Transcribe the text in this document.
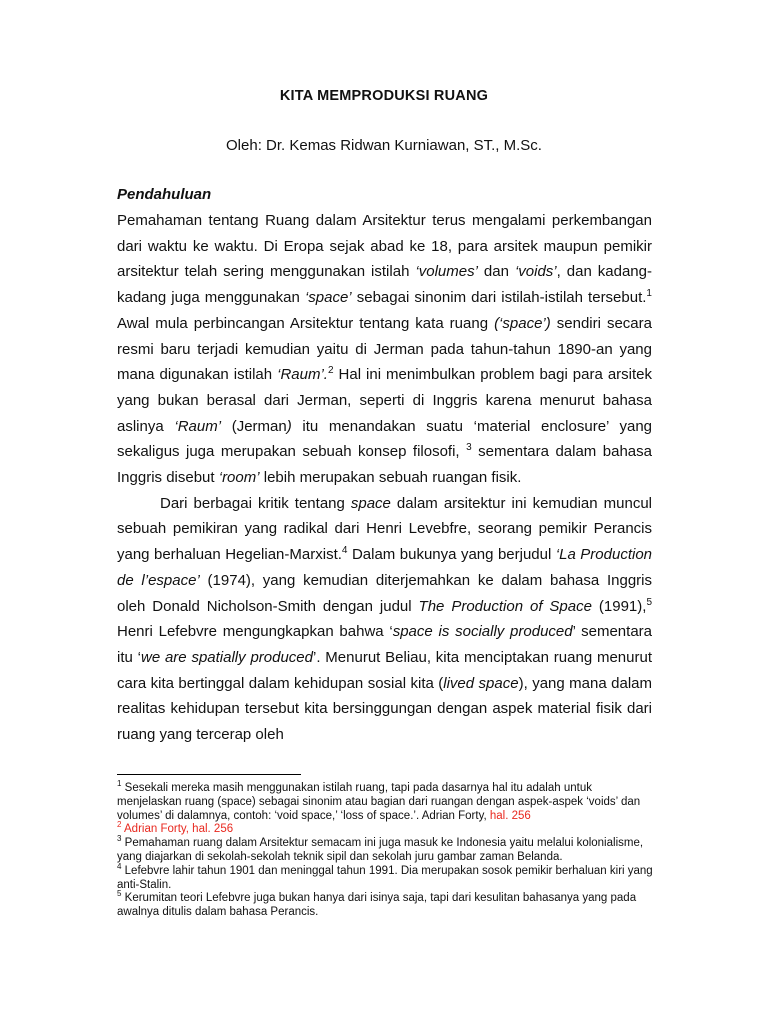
KITA MEMPRODUKSI RUANG
Oleh: Dr. Kemas Ridwan Kurniawan, ST., M.Sc.
Pendahuluan

Pemahaman tentang Ruang dalam Arsitektur terus mengalami perkembangan dari waktu ke waktu. Di Eropa sejak abad ke 18, para arsitek maupun pemikir arsitektur telah sering menggunakan istilah ‘volumes’ dan ‘voids’, dan kadang-kadang juga menggunakan ‘space’ sebagai sinonim dari istilah-istilah tersebut.$^1$ Awal mula perbincangan Arsitektur tentang kata ruang (‘space’) sendiri secara resmi baru terjadi kemudian yaitu di Jerman pada tahun-tahun 1890-an yang mana digunakan istilah ‘Raum’.$^2$ Hal ini menimbulkan problem bagi para arsitek yang bukan berasal dari Jerman, seperti di Inggris karena menurut bahasa aslinya ‘Raum’ (Jerman) itu menandakan suatu ‘material enclosure’ yang sekaligus juga merupakan sebuah konsep filosofi, $^3$ sementara dalam bahasa Inggris disebut ‘room’ lebih merupakan sebuah ruangan fisik.

Dari berbagai kritik tentang space dalam arsitektur ini kemudian muncul sebuah pemikiran yang radikal dari Henri Levebfre, seorang pemikir Perancis yang berhaluan Hegelian-Marxist.$^4$ Dalam bukunya yang berjudul ‘La Production de l’espace’ (1974), yang kemudian diterjemahkan ke dalam bahasa Inggris oleh Donald Nicholson-Smith dengan judul The Production of Space (1991),$^5$ Henri Lefebvre mengungkapkan bahwa ‘space is socially produced’ sementara itu ‘we are spatially produced’. Menurut Beliau, kita menciptakan ruang menurut cara kita bertinggal dalam kehidupan sosial kita (lived space), yang mana dalam realitas kehidupan tersebut kita bersinggungan dengan aspek material fisik dari ruang yang tercerap oleh

$^1$ Sesekali mereka masih menggunakan istilah ruang, tapi pada dasarnya hal itu adalah untuk menjelaskan ruang (space) sebagai sinonim atau bagian dari ruangan dengan aspek-aspek ‘voids’ dan volumes’ di dalamnya, contoh: ‘void space,’ ‘loss of space.’. Adrian Forty, hal. 256

$^2$ Adrian Forty, hal. 256

$^3$ Pemahaman ruang dalam Arsitektur semacam ini juga masuk ke Indonesia yaitu melalui kolonialisme, yang diajarkan di sekolah-sekolah teknik sipil dan sekolah juru gambar zaman Belanda.

$^4$ Lefebvre lahir tahun 1901 dan meninggal tahun 1991. Dia merupakan sosok pemikir berhaluan kiri yang anti-Stalin.

$^5$ Kerumitan teori Lefebvre juga bukan hanya dari isinya saja, tapi dari kesulitan bahasanya yang pada awalnya ditulis dalam bahasa Perancis.
